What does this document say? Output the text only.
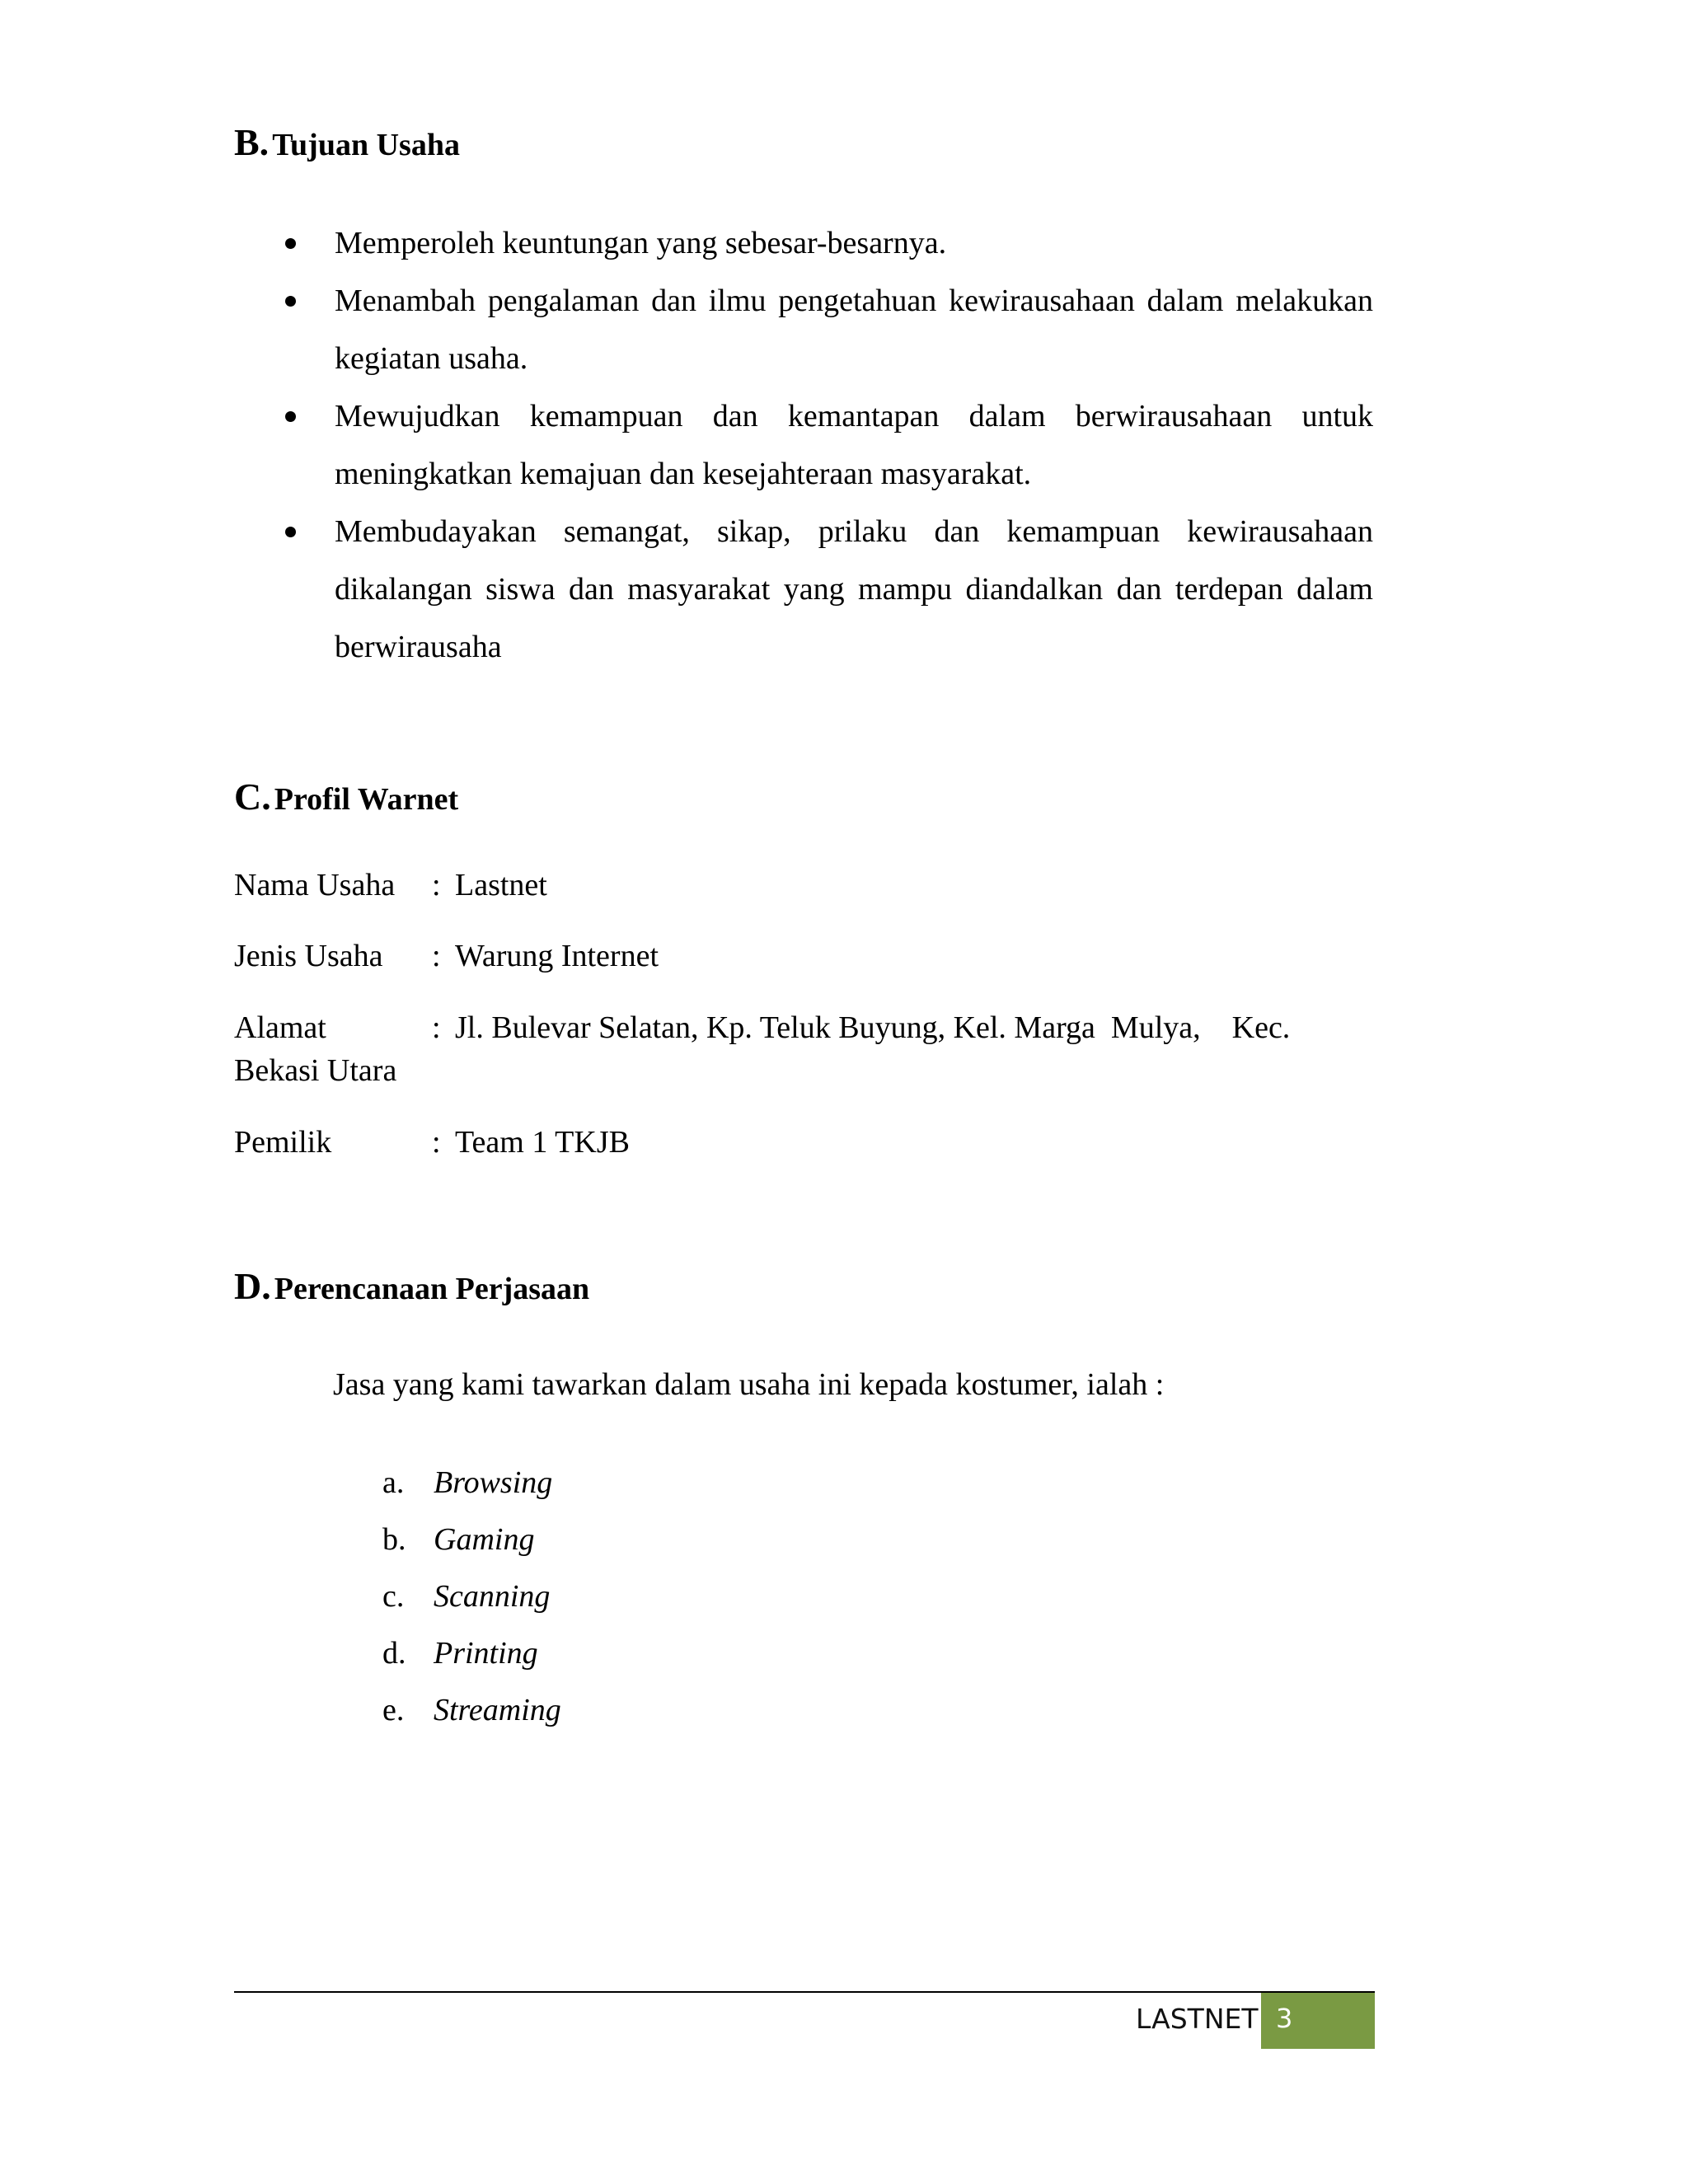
B. Tujuan Usaha
Memperoleh keuntungan yang sebesar-besarnya.
Menambah pengalaman dan ilmu pengetahuan kewirausahaan dalam melakukan kegiatan usaha.
Mewujudkan kemampuan dan kemantapan dalam berwirausahaan untuk meningkatkan kemajuan dan kesejahteraan masyarakat.
Membudayakan semangat, sikap, prilaku dan kemampuan kewirausahaan dikalangan siswa dan masyarakat yang mampu diandalkan dan terdepan dalam berwirausaha
C. Profil Warnet
Nama Usaha : Lastnet
Jenis Usaha : Warung Internet
Alamat	: Jl. Bulevar Selatan, Kp. Teluk Buyung, Kel. Marga  Mulya,    Kec.
Bekasi Utara
Pemilik	: Team 1 TKJB
D. Perencanaan Perjasaan
Jasa yang kami tawarkan dalam usaha ini kepada kostumer, ialah :
a. Browsing
b. Gaming
c. Scanning
d. Printing
e. Streaming
LASTNET 3
